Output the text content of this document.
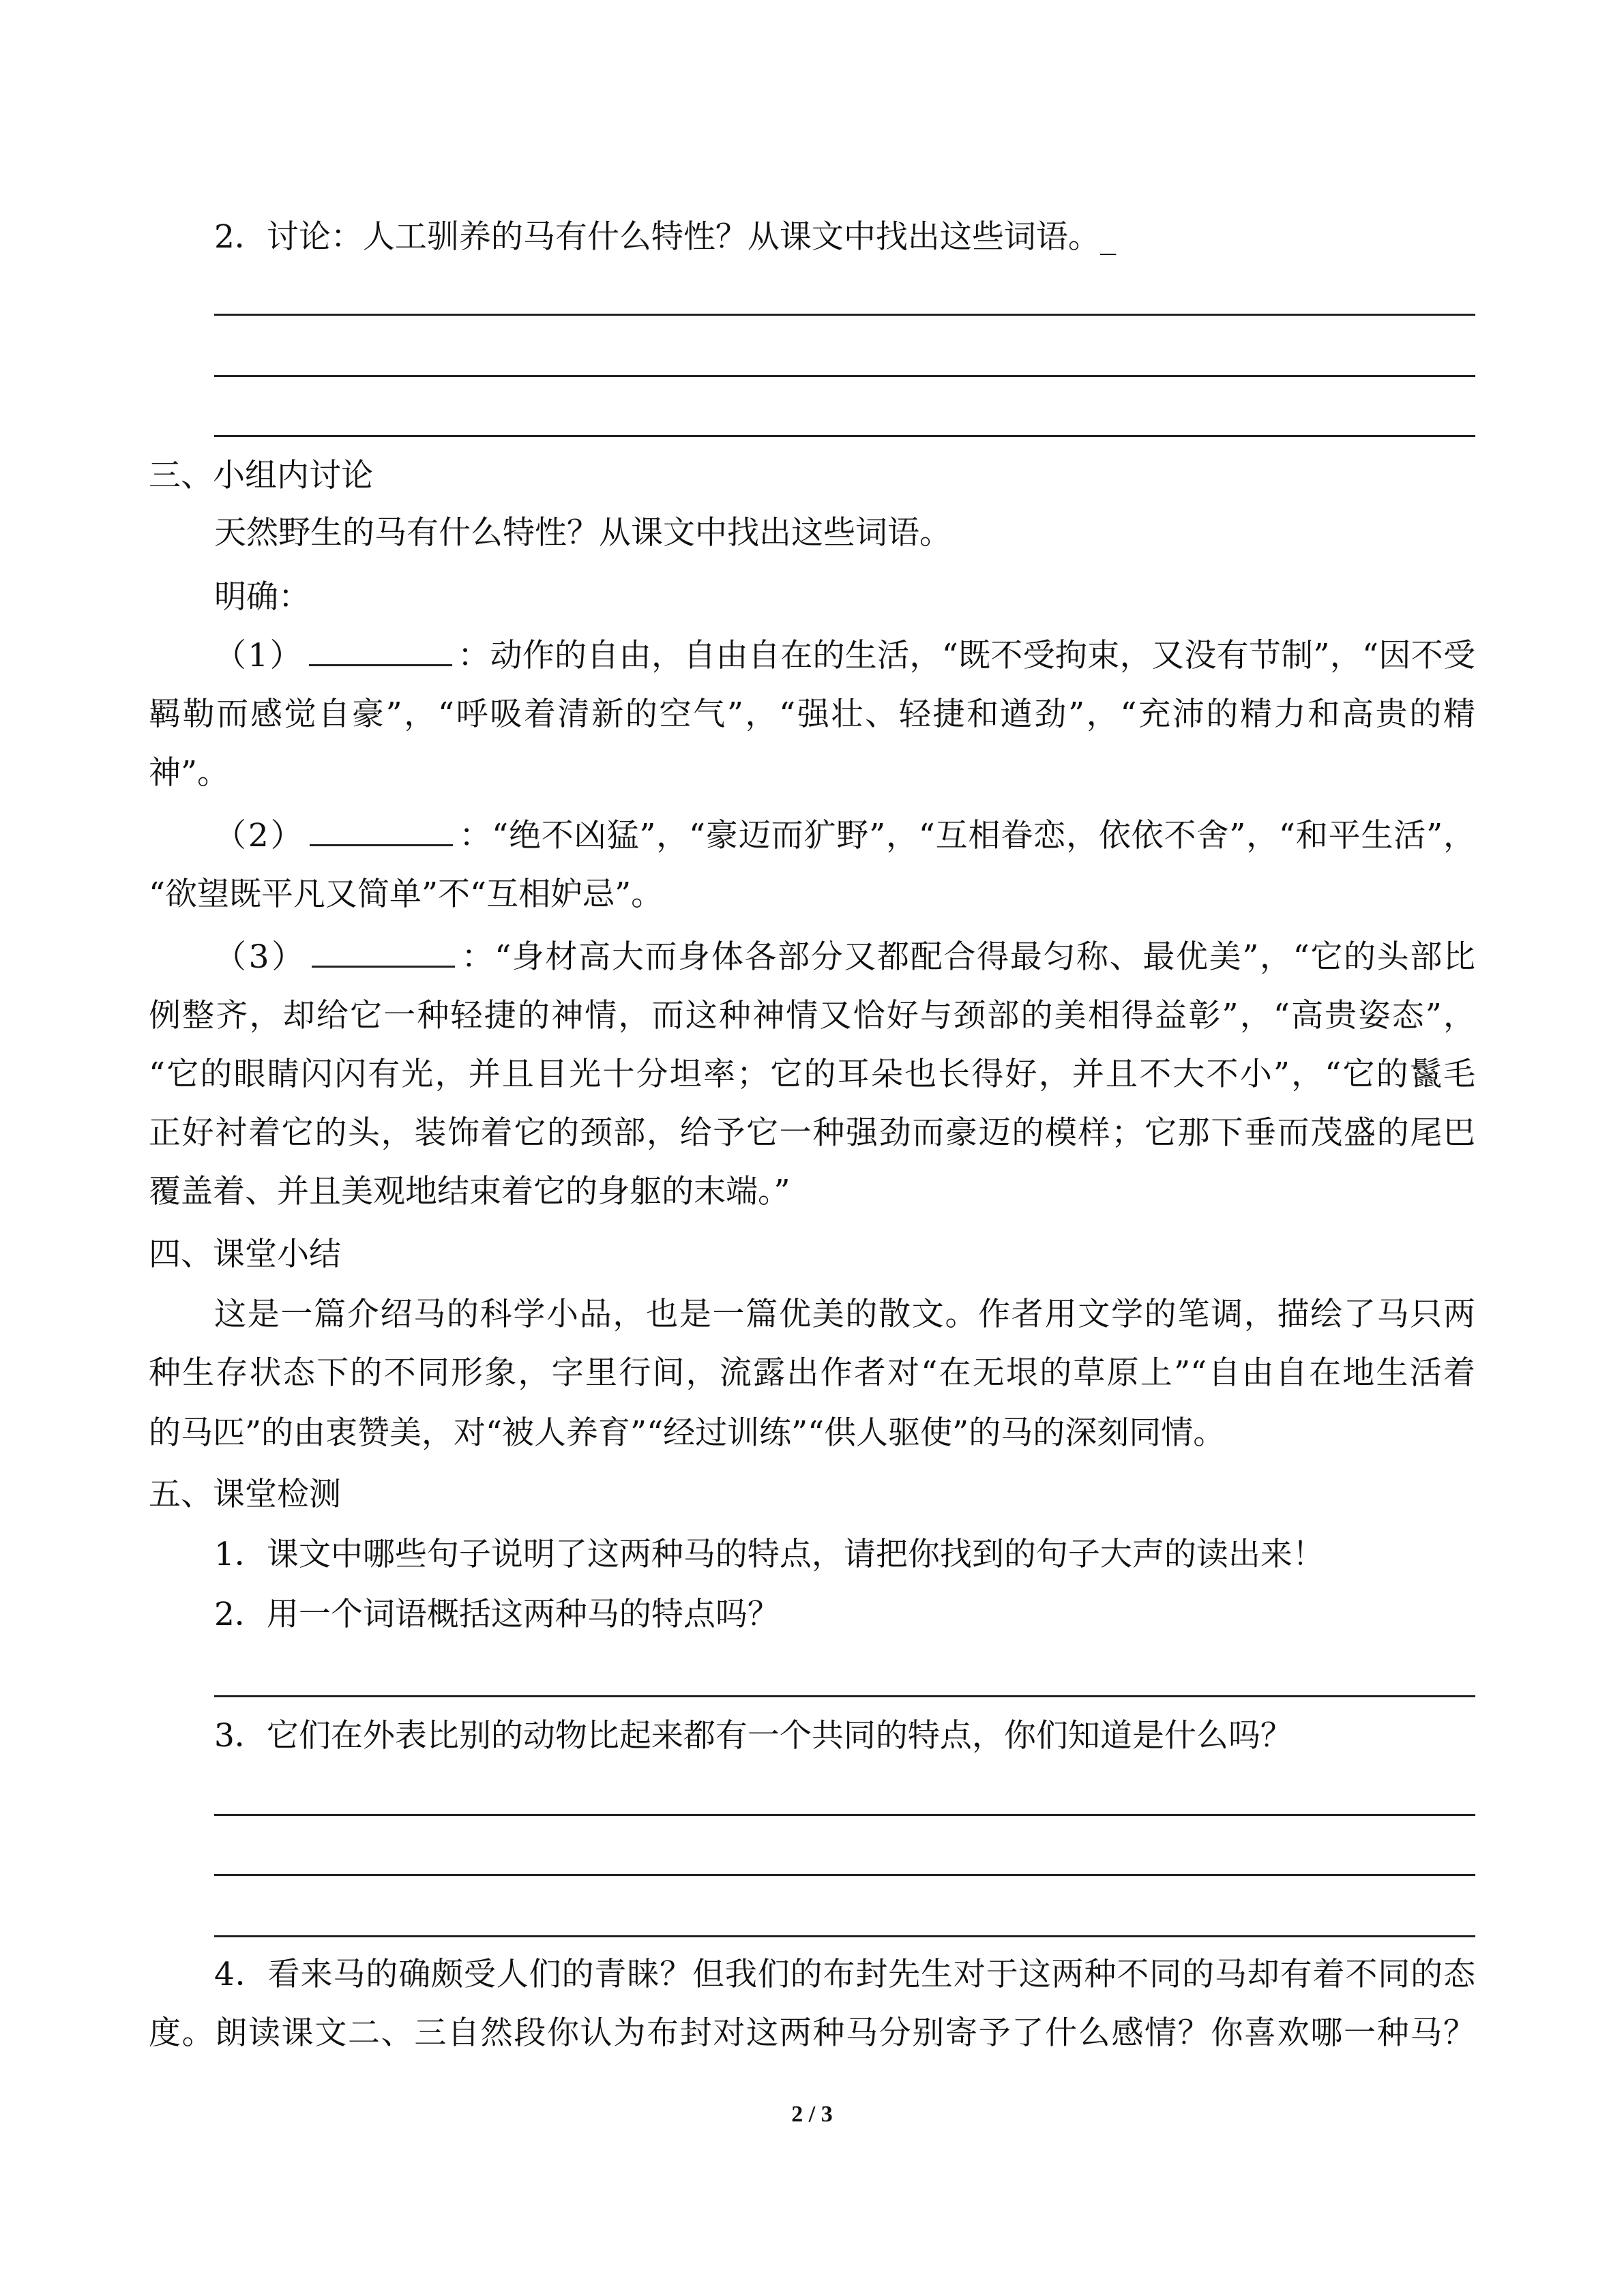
2．讨论：人工驯养的马有什么特性？从课文中找出这些词语。_

三、小组内讨论

天然野生的马有什么特性？从课文中找出这些词语。

明确：

（1）	：动作的自由，自由自在的生活，“既不受拘束，又没有节制”，“因不受

羁勒而感觉自豪”，“呼吸着清新的空气”，“强壮、轻捷和遒劲”，“充沛的精力和高贵的精

神”。

（2）	：“绝不凶猛”，“豪迈而犷野”，“互相眷恋，依依不舍”，“和平生活”，

“欲望既平凡又简单”不“互相妒忌”。

（3）	：“身材高大而身体各部分又都配合得最匀称、最优美”，“它的头部比

例整齐，却给它一种轻捷的神情，而这种神情又恰好与颈部的美相得益彰”，“高贵姿态”，

“它的眼睛闪闪有光，并且目光十分坦率；它的耳朵也长得好，并且不大不小”，“它的鬣毛

正好衬着它的头，装饰着它的颈部，给予它一种强劲而豪迈的模样；它那下垂而茂盛的尾巴

覆盖着、并且美观地结束着它的身躯的末端。”

四、课堂小结

这是一篇介绍马的科学小品，也是一篇优美的散文。作者用文学的笔调，描绘了马只两

种生存状态下的不同形象，字里行间，流露出作者对“在无垠的草原上”“自由自在地生活着

的马匹”的由衷赞美，对“被人养育”“经过训练”“供人驱使”的马的深刻同情。

五、课堂检测

1．课文中哪些句子说明了这两种马的特点，请把你找到的句子大声的读出来！

2．用一个词语概括这两种马的特点吗？

3．它们在外表比别的动物比起来都有一个共同的特点，你们知道是什么吗？

4．看来马的确颇受人们的青睐？但我们的布封先生对于这两种不同的马却有着不同的态

度。朗读课文二、三自然段你认为布封对这两种马分别寄予了什么感情？你喜欢哪一种马？

2 / 3
